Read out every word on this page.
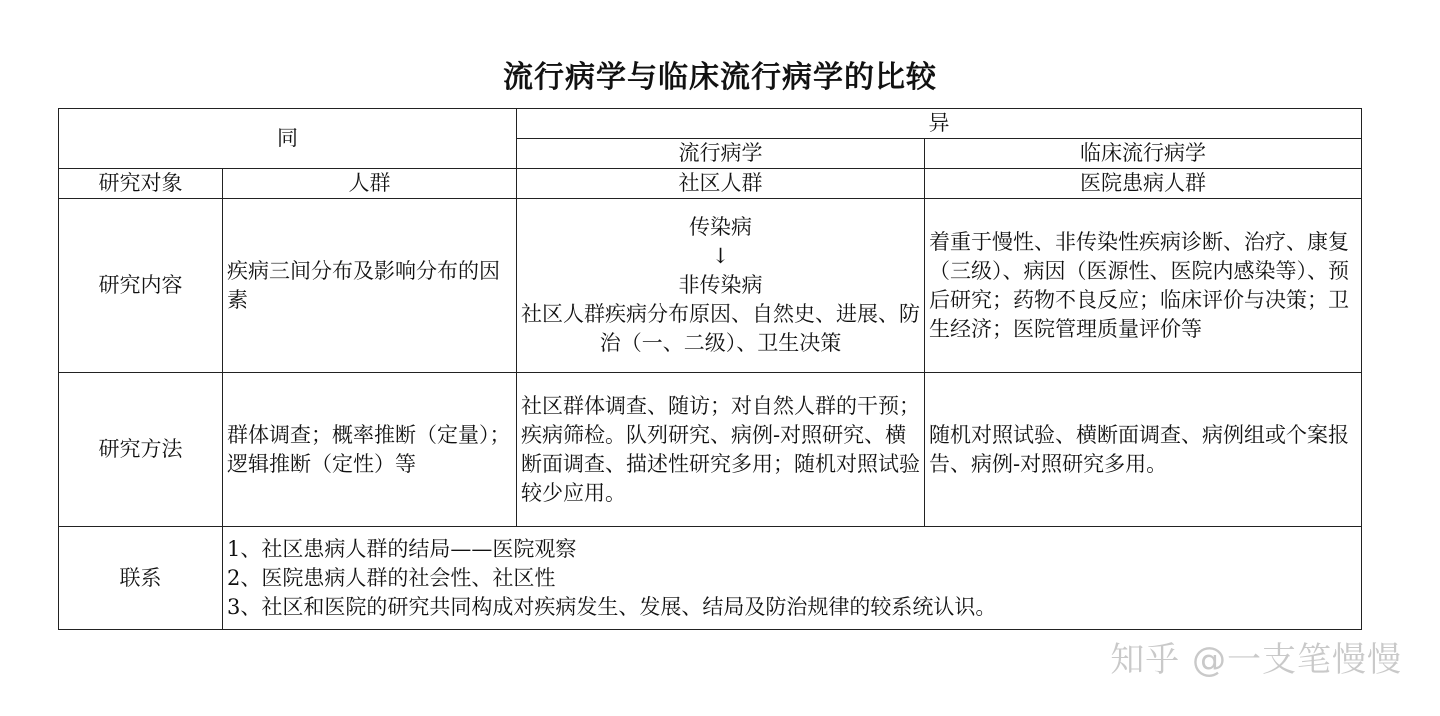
流行病学与临床流行病学的比较
同		异	
		流行病学	临床流行病学
研究对象	人群	社区人群	医院患病人群
研究内容	疾病三间分布及影响分布的因素	传染病
↓
非传染病
社区人群疾病分布原因、自然史、进展、防治（一、二级）、卫生决策	着重于慢性、非传染性疾病诊断、治疗、康复（三级）、病因（医源性、医院内感染等）、预后研究；药物不良反应；临床评价与决策；卫生经济；医院管理质量评价等
研究方法	群体调查；概率推断（定量）；逻辑推断（定性）等	社区群体调查、随访；对自然人群的干预；疾病筛检。队列研究、病例-对照研究、横断面调查、描述性研究多用；随机对照试验较少应用。	随机对照试验、横断面调查、病例组或个案报告、病例-对照研究多用。
联系	1、社区患病人群的结局——医院观察
2、医院患病人群的社会性、社区性
3、社区和医院的研究共同构成对疾病发生、发展、结局及防治规律的较系统认识。		
知乎 @一支笔慢慢
